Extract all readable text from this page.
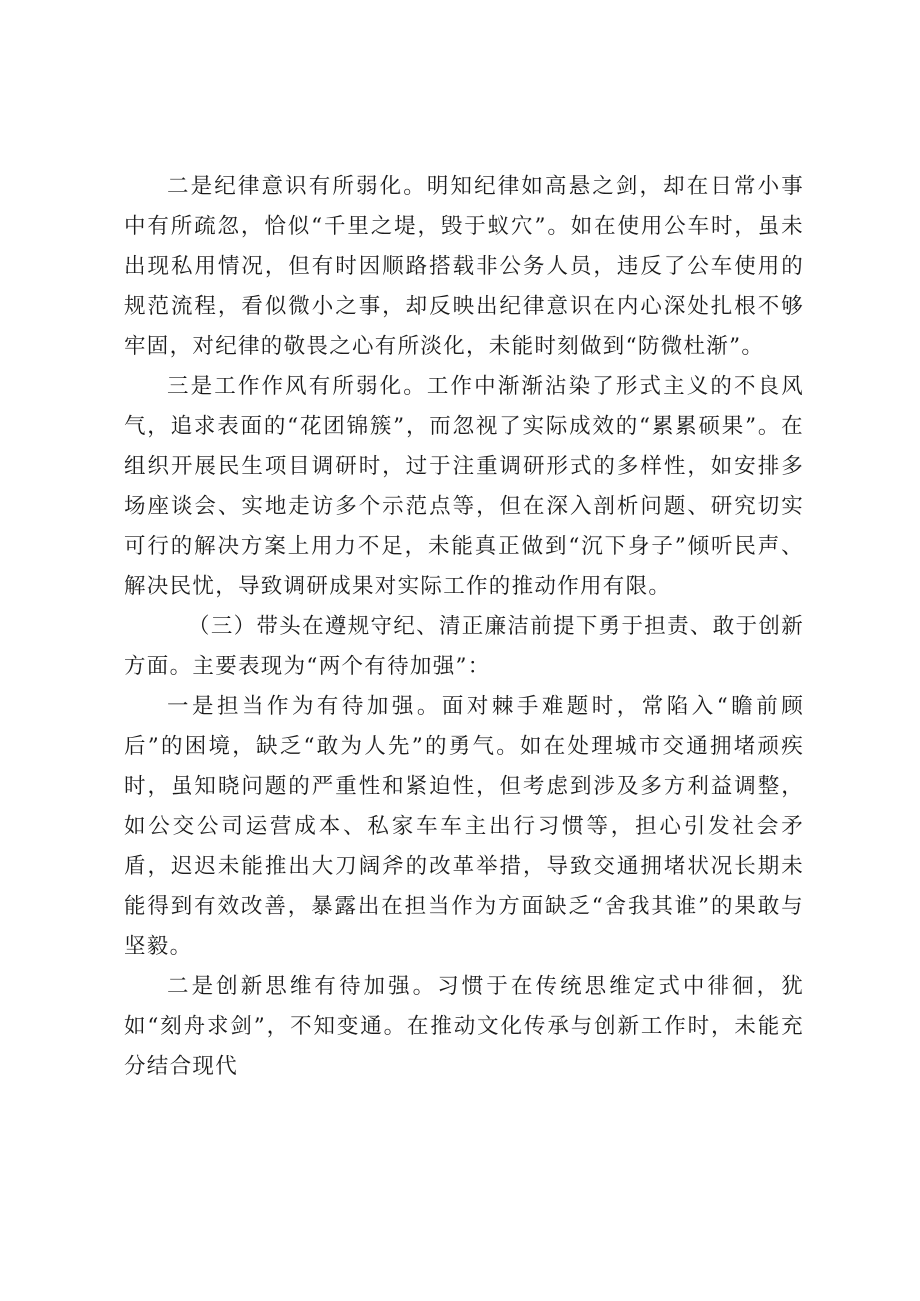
二是纪律意识有所弱化。明知纪律如高悬之剑，却在日常小事中有所疏忽，恰似“千里之堤，毁于蚁穴”。如在使用公车时，虽未出现私用情况，但有时因顺路搭载非公务人员，违反了公车使用的规范流程，看似微小之事，却反映出纪律意识在内心深处扎根不够牢固，对纪律的敬畏之心有所淡化，未能时刻做到“防微杜渐”。

三是工作作风有所弱化。工作中渐渐沾染了形式主义的不良风气，追求表面的“花团锦簇”，而忽视了实际成效的“累累硕果”。在组织开展民生项目调研时，过于注重调研形式的多样性，如安排多场座谈会、实地走访多个示范点等，但在深入剖析问题、研究切实可行的解决方案上用力不足，未能真正做到“沉下身子”倾听民声、解决民忧，导致调研成果对实际工作的推动作用有限。

（三）带头在遵规守纪、清正廉洁前提下勇于担责、敢于创新方面。主要表现为“两个有待加强”：

一是担当作为有待加强。面对棘手难题时，常陷入“瞻前顾后”的困境，缺乏“敢为人先”的勇气。如在处理城市交通拥堵顽疾时，虽知晓问题的严重性和紧迫性，但考虑到涉及多方利益调整，如公交公司运营成本、私家车车主出行习惯等，担心引发社会矛盾，迟迟未能推出大刀阔斧的改革举措，导致交通拥堵状况长期未能得到有效改善，暴露出在担当作为方面缺乏“舍我其谁”的果敢与坚毅。

二是创新思维有待加强。习惯于在传统思维定式中徘徊，犹如“刻舟求剑”，不知变通。在推动文化传承与创新工作时，未能充分结合现代
